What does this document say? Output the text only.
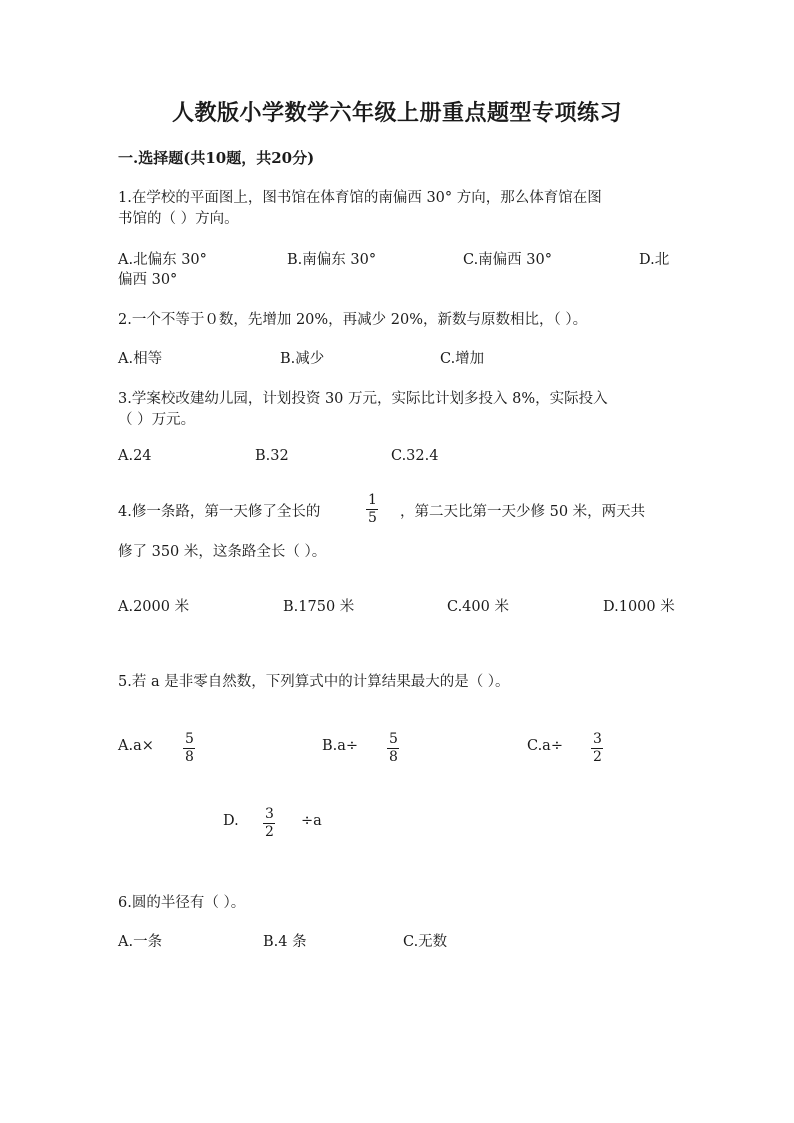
人教版小学数学六年级上册重点题型专项练习
一.选择题(共10题，共20分)
1.在学校的平面图上，图书馆在体育馆的南偏西 30° 方向，那么体育馆在图
书馆的（ ）方向。
A.北偏东 30°	B.南偏东 30°	C.南偏西 30°	D.北
偏西 30°
2.一个不等于０数，先增加 20%，再减少 20%，新数与原数相比，（ ）。
A.相等	B.减少	C.增加
3.学案校改建幼儿园，计划投资 30 万元，实际比计划多投入 8%，实际投入
（ ）万元。
A.24	B.32	C.32.4
4.修一条路，第一天修了全长的
1
5 ，第二天比第一天少修 50 米，两天共
修了 350 米，这条路全长（ ）。
A.2000 米	B.1750 米	C.400 米	D.1000 米
5.若 a 是非零自然数，下列算式中的计算结果最大的是（ ）。
A.a× 5
8
B.a÷ 5
8
C.a÷ 3
2
D. 3
2
÷a
6.圆的半径有（ ）。
A.一条	B.4 条	C.无数
